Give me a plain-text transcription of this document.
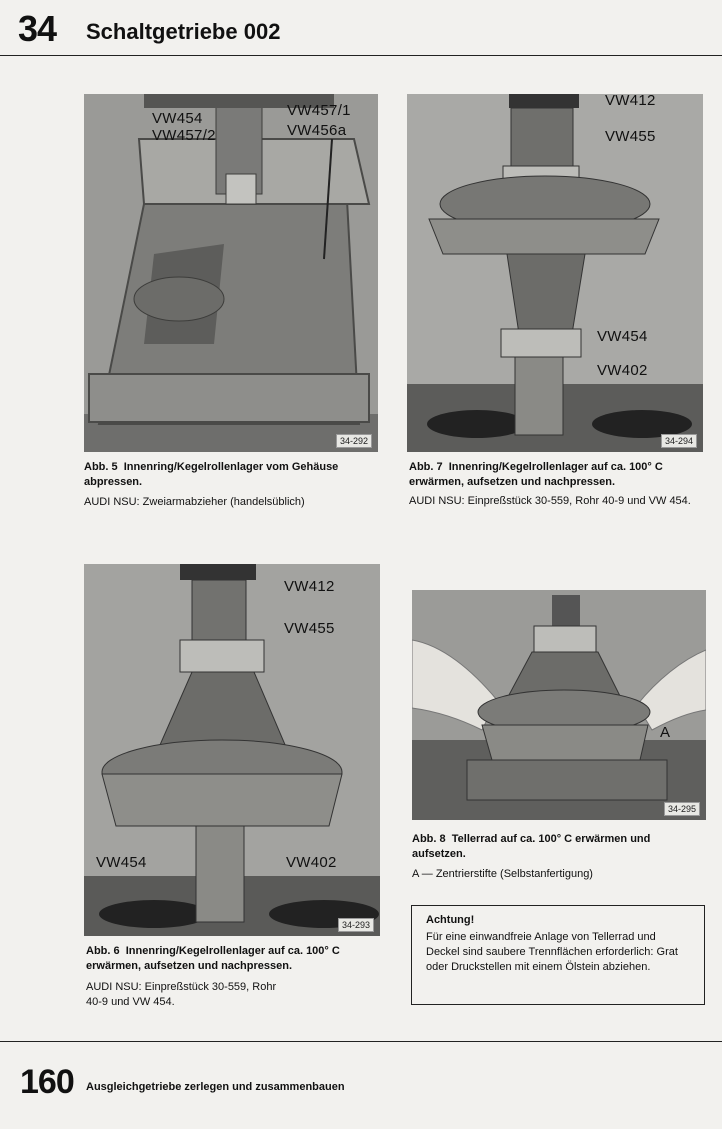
34 Schaltgetriebe 002
VW454
VW457/2
VW457/1
VW456a
34-292
Abb. 5 Innenring/Kegelrollenlager vom Gehäuse abpressen.
AUDI NSU: Zweiarmabzieher (handelsüblich)
VW412
VW455
VW454
VW402
34-294
Abb. 7 Innenring/Kegelrollenlager auf ca. 100° C erwärmen, aufsetzen und nachpressen.
AUDI NSU: Einpreßstück 30-559, Rohr 40-9 und VW 454.
VW412
VW455
VW454	VW402
34-293
Abb. 6 Innenring/Kegelrollenlager auf ca. 100° C erwärmen, aufsetzen und nachpressen.
AUDI NSU: Einpreßstück 30-559, Rohr 40-9 und VW 454.
A
34-295
Abb. 8 Tellerrad auf ca. 100° C erwärmen und aufsetzen.
A — Zentrierstifte (Selbstanfertigung)
Achtung!
Für eine einwandfreie Anlage von Tellerrad und Deckel sind saubere Trennflächen erforderlich: Grat oder Druckstellen mit einem Ölstein abziehen.
160 Ausgleichgetriebe zerlegen und zusammenbauen
